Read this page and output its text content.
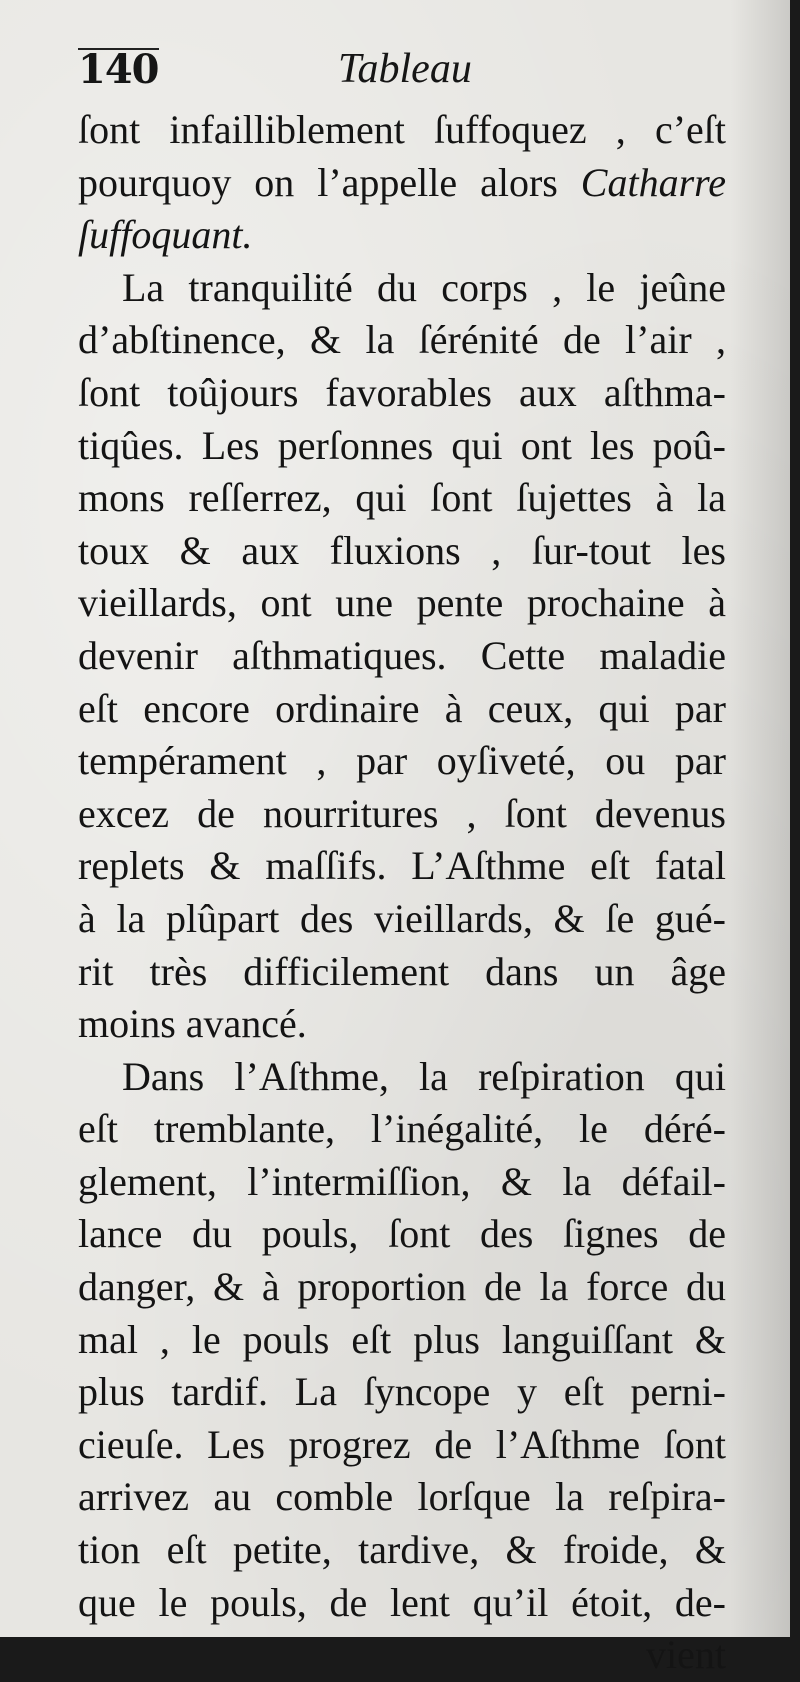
140	Tableau
ſont infailliblement ſuffoquez , c’eſt
pourquoy on l’appelle alors Catharre
ſuffoquant.
La tranquilité du corps , le jeûne
d’abſtinence, & la ſérénité de l’air ,
ſont toûjours favorables aux aſthma-
tiqûes. Les perſonnes qui ont les poû-
mons reſſerrez, qui ſont ſujettes à la
toux & aux fluxions , ſur-tout les
vieillards, ont une pente prochaine à
devenir aſthmatiques. Cette maladie
eſt encore ordinaire à ceux, qui par
tempérament , par oyſiveté, ou par
excez de nourritures , ſont devenus
replets & maſſifs. L’Aſthme eſt fatal
à la plûpart des vieillards, & ſe gué-
rit très difficilement dans un âge
moins avancé.
Dans l’Aſthme, la reſpiration qui
eſt tremblante, l’inégalité, le déré-
glement, l’intermiſſion, & la défail-
lance du pouls, ſont des ſignes de
danger, & à proportion de la force du
mal , le pouls eſt plus languiſſant &
plus tardif. La ſyncope y eſt perni-
cieuſe. Les progrez de l’Aſthme ſont
arrivez au comble lorſque la reſpira-
tion eſt petite, tardive, & froide, &
que le pouls, de lent qu’il étoit, de-
vient
